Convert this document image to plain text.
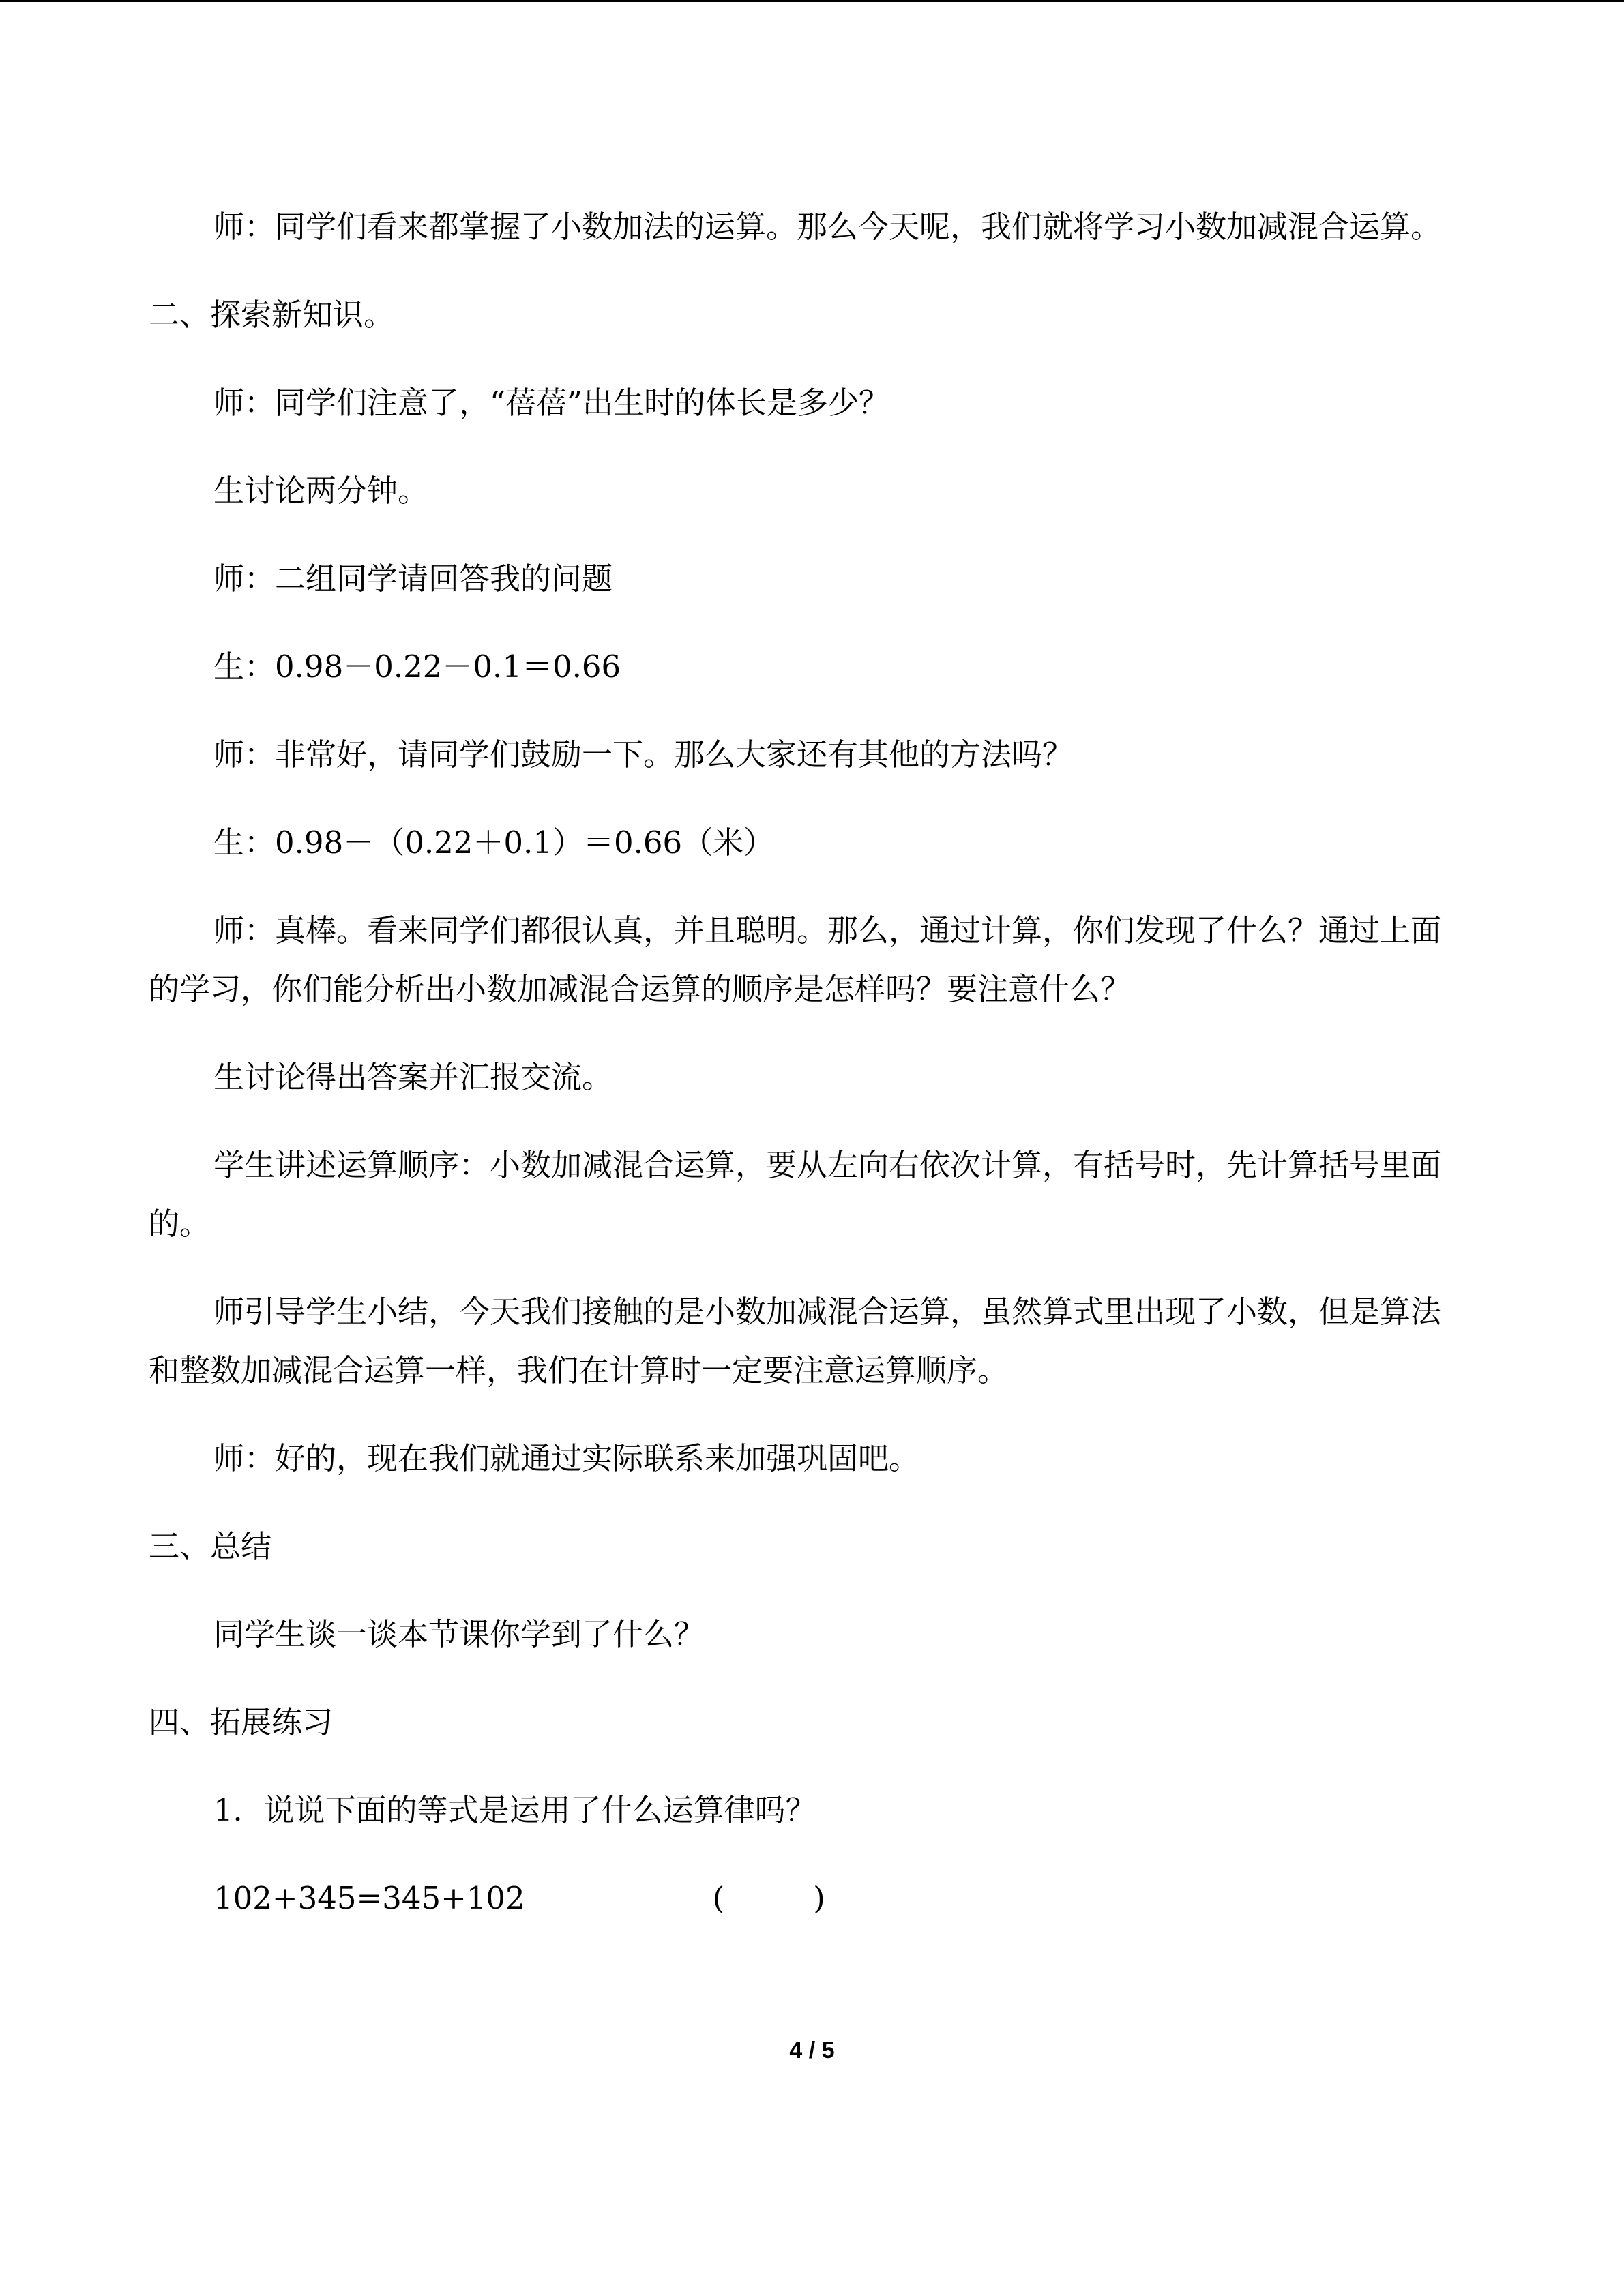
师：同学们看来都掌握了小数加法的运算。那么今天呢，我们就将学习小数加减混合运算。

二、探索新知识。

师：同学们注意了，“蓓蓓”出生时的体长是多少？

生讨论两分钟。

师：二组同学请回答我的问题

生：0.98－0.22－0.1＝0.66

师：非常好，请同学们鼓励一下。那么大家还有其他的方法吗？

生：0.98－（0.22＋0.1）＝0.66（米）

师：真棒。看来同学们都很认真，并且聪明。那么，通过计算，你们发现了什么？通过上面的学习，你们能分析出小数加减混合运算的顺序是怎样吗？要注意什么？

生讨论得出答案并汇报交流。

学生讲述运算顺序：小数加减混合运算，要从左向右依次计算，有括号时，先计算括号里面的。

师引导学生小结，今天我们接触的是小数加减混合运算，虽然算式里出现了小数，但是算法和整数加减混合运算一样，我们在计算时一定要注意运算顺序。

师：好的，现在我们就通过实际联系来加强巩固吧。

三、总结

同学生谈一谈本节课你学到了什么？

四、拓展练习

1．说说下面的等式是运用了什么运算律吗？

102+345=345+102	(	)

4 / 5
